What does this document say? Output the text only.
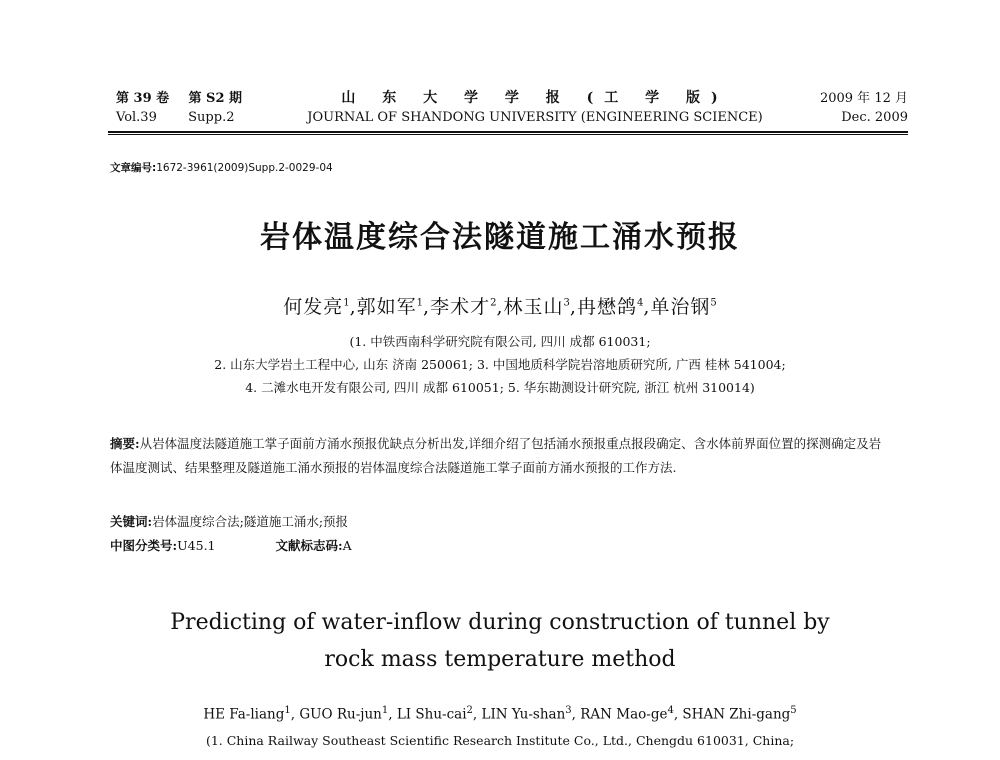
第 39 卷 第 S2 期
Vol.39 Supp.2
山 东 大 学 学 报 (工 学 版)
JOURNAL OF SHANDONG UNIVERSITY (ENGINEERING SCIENCE)
2009 年 12 月
Dec. 2009
文章编号:1672-3961(2009)Supp.2-0029-04
岩体温度综合法隧道施工涌水预报
何发亮$^1$,郭如军$^1$,李术才$^2$,林玉山$^3$,冉懋鸽$^4$,单治钢$^5$
(1. 中铁西南科学研究院有限公司, 四川 成都 610031;
2. 山东大学岩土工程中心, 山东 济南 250061; 3. 中国地质科学院岩溶地质研究所, 广西 桂林 541004;
4. 二滩水电开发有限公司, 四川 成都 610051; 5. 华东勘测设计研究院, 浙江 杭州 310014)
摘要:从岩体温度法隧道施工掌子面前方涌水预报优缺点分析出发,详细介绍了包括涌水预报重点报段确定、含水体前界面位置的探测确定及岩体温度测试、结果整理及隧道施工涌水预报的岩体温度综合法隧道施工掌子面前方涌水预报的工作方法.
关键词:岩体温度综合法;隧道施工涌水;预报
中图分类号:U45.1	文献标志码:A
Predicting of water-inflow during construction of tunnel by
rock mass temperature method
HE Fa-liang$^1$, GUO Ru-jun$^1$, LI Shu-cai$^2$, LIN Yu-shan$^3$, RAN Mao-$ge^4$, SHAN Zhi-gang$^5$
(1. China Railway Southeast Scientific Research Institute Co., Ltd., Chengdu 610031, China;
